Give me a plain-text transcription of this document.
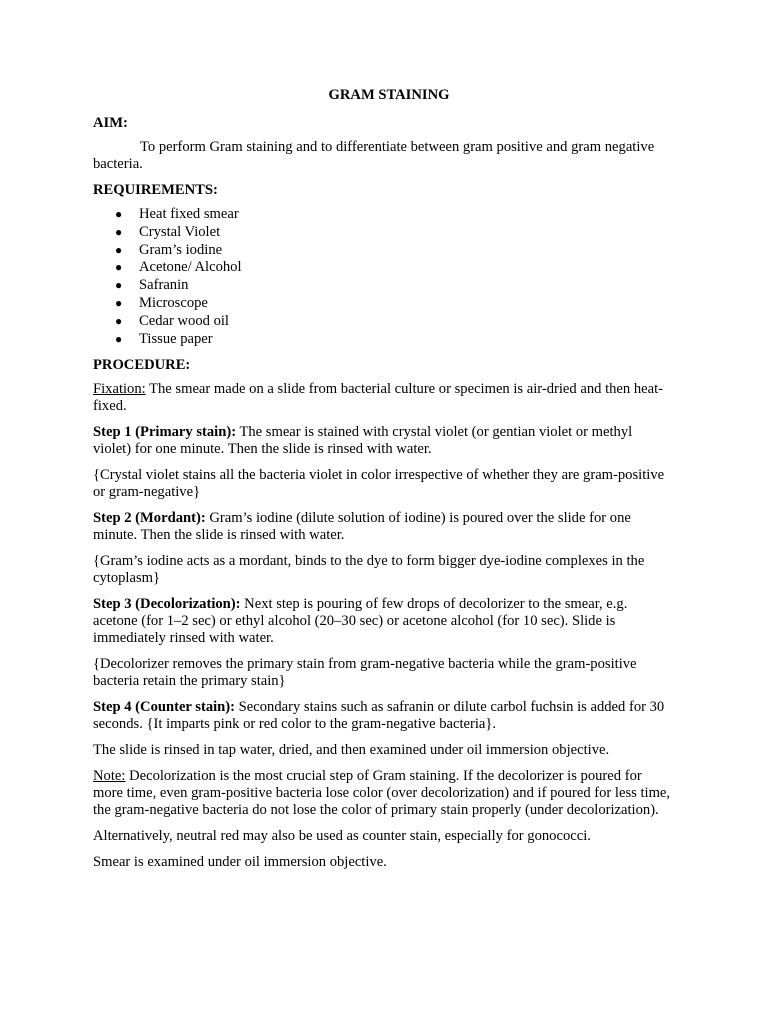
GRAM STAINING

AIM:

To perform Gram staining and to differentiate between gram positive and gram negative bacteria.

REQUIREMENTS:

● Heat fixed smear
● Crystal Violet
● Gram’s iodine
● Acetone/ Alcohol
● Safranin
● Microscope
● Cedar wood oil
● Tissue paper

PROCEDURE:

Fixation: The smear made on a slide from bacterial culture or specimen is air-dried and then heat-fixed.

Step 1 (Primary stain): The smear is stained with crystal violet (or gentian violet or methyl violet) for one minute. Then the slide is rinsed with water.

{Crystal violet stains all the bacteria violet in color irrespective of whether they are gram-positive or gram-negative}

Step 2 (Mordant): Gram’s iodine (dilute solution of iodine) is poured over the slide for one minute. Then the slide is rinsed with water.

{Gram’s iodine acts as a mordant, binds to the dye to form bigger dye-iodine complexes in the cytoplasm}

Step 3 (Decolorization): Next step is pouring of few drops of decolorizer to the smear, e.g. acetone (for 1–2 sec) or ethyl alcohol (20–30 sec) or acetone alcohol (for 10 sec). Slide is immediately rinsed with water.

{Decolorizer removes the primary stain from gram-negative bacteria while the gram-positive bacteria retain the primary stain}

Step 4 (Counter stain): Secondary stains such as safranin or dilute carbol fuchsin is added for 30 seconds. {It imparts pink or red color to the gram-negative bacteria}.

The slide is rinsed in tap water, dried, and then examined under oil immersion objective.

Note: Decolorization is the most crucial step of Gram staining. If the decolorizer is poured for more time, even gram-positive bacteria lose color (over decolorization) and if poured for less time, the gram-negative bacteria do not lose the color of primary stain properly (under decolorization).

Alternatively, neutral red may also be used as counter stain, especially for gonococci.

Smear is examined under oil immersion objective.
